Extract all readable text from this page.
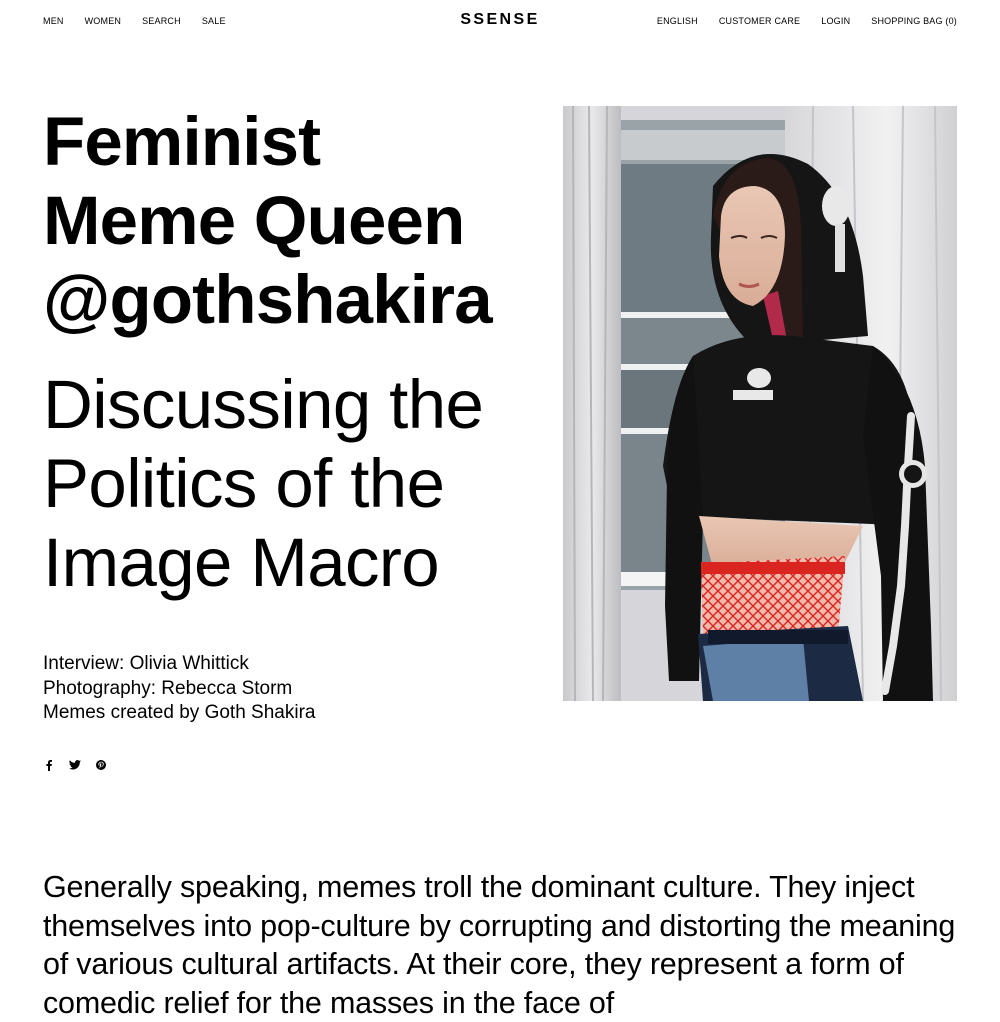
MEN WOMEN SEARCH SALE	SSENSE	ENGLISH CUSTOMER CARE LOGIN SHOPPING BAG (0)
Feminist
Meme Queen
@gothshakira
Discussing the
Politics of the
Image Macro
Interview: Olivia Whittick
Photography: Rebecca Storm
Memes created by Goth Shakira

Generally speaking, memes troll the dominant culture. They inject themselves into pop-culture by corrupting and distorting the meaning of various cultural artifacts. At their core, they represent a form of comedic relief for the masses in the face of
